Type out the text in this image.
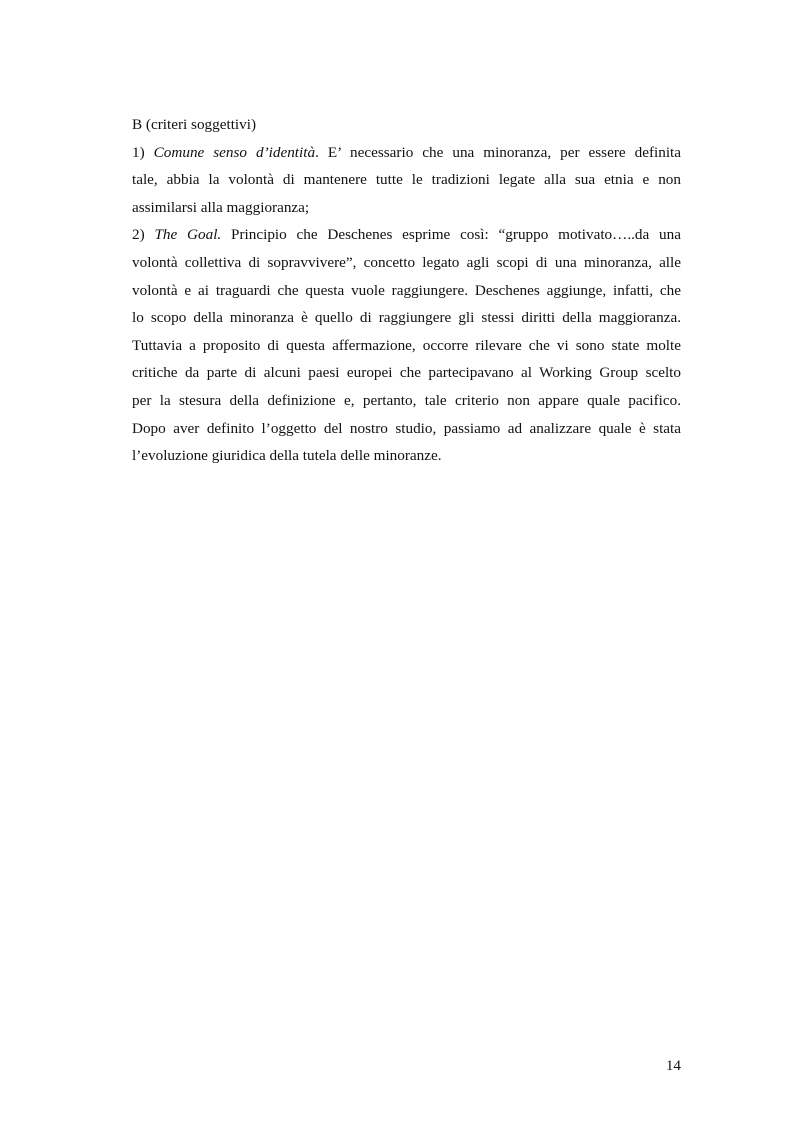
B (criteri soggettivi)
1) Comune senso d’identità. E’ necessario che una minoranza, per essere definita
tale, abbia la volontà di mantenere tutte le tradizioni legate alla sua etnia e non
assimilarsi alla maggioranza;
2) The Goal. Principio che Deschenes esprime così: “gruppo motivato…..da una
volontà collettiva di sopravvivere”, concetto legato agli scopi di una minoranza, alle
volontà e ai traguardi che questa vuole raggiungere. Deschenes aggiunge, infatti, che
lo scopo della minoranza è quello di raggiungere gli stessi diritti della maggioranza.
Tuttavia a proposito di questa affermazione, occorre rilevare che vi sono state molte
critiche da parte di alcuni paesi europei che partecipavano al Working Group scelto
per la stesura della definizione e, pertanto, tale criterio non appare quale pacifico.
Dopo aver definito l’oggetto del nostro studio, passiamo ad analizzare quale è stata
l’evoluzione giuridica della tutela delle minoranze.
14
